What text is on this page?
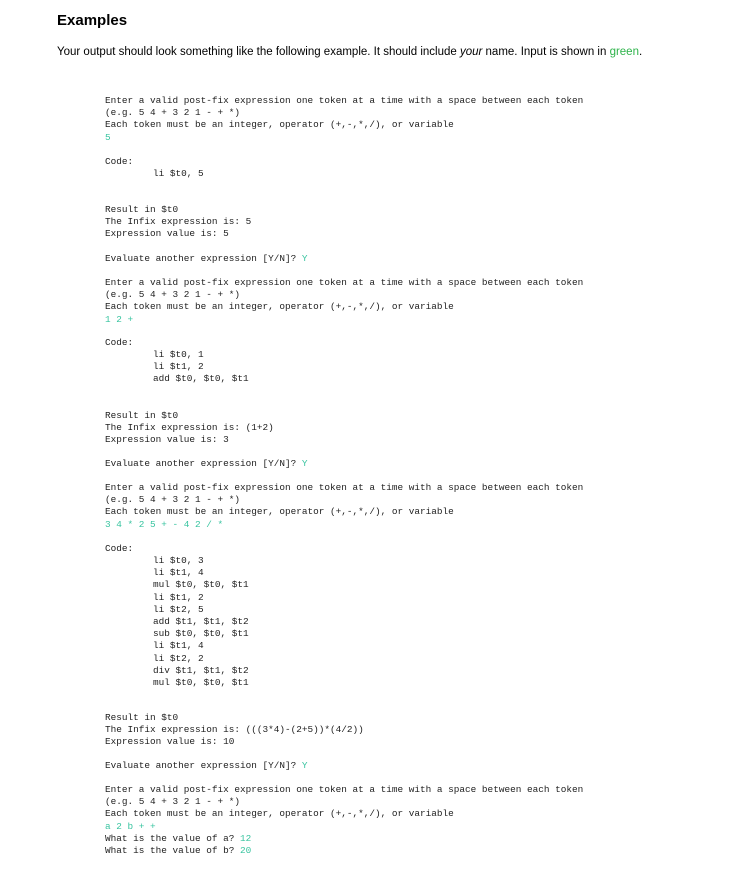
Examples
Your output should look something like the following example. It should include your name. Input is shown in green.
Enter a valid post-fix expression one token at a time with a space between each token
(e.g. 5 4 + 3 2 1 - + *)
Each token must be an integer, operator (+,-,*,/), or variable
5
Code:
li $t0, 5
Result in $t0
The Infix expression is: 5
Expression value is: 5
Evaluate another expression [Y/N]? Y
Enter a valid post-fix expression one token at a time with a space between each token
(e.g. 5 4 + 3 2 1 - + *)
Each token must be an integer, operator (+,-,*,/), or variable
1 2 +
Code:
li $t0, 1
li $t1, 2
add $t0, $t0, $t1
Result in $t0
The Infix expression is: (1+2)
Expression value is: 3
Evaluate another expression [Y/N]? Y
Enter a valid post-fix expression one token at a time with a space between each token
(e.g. 5 4 + 3 2 1 - + *)
Each token must be an integer, operator (+,-,*,/), or variable
3 4 * 2 5 + - 4 2 / *
Code:
li $t0, 3
li $t1, 4
mul $t0, $t0, $t1
li $t1, 2
li $t2, 5
add $t1, $t1, $t2
sub $t0, $t0, $t1
li $t1, 4
li $t2, 2
div $t1, $t1, $t2
mul $t0, $t0, $t1
Result in $t0
The Infix expression is: (((3*4)-(2+5))*(4/2))
Expression value is: 10
Evaluate another expression [Y/N]? Y
Enter a valid post-fix expression one token at a time with a space between each token
(e.g. 5 4 + 3 2 1 - + *)
Each token must be an integer, operator (+,-,*,/), or variable
a 2 b + +
What is the value of a? 12
What is the value of b? 20
